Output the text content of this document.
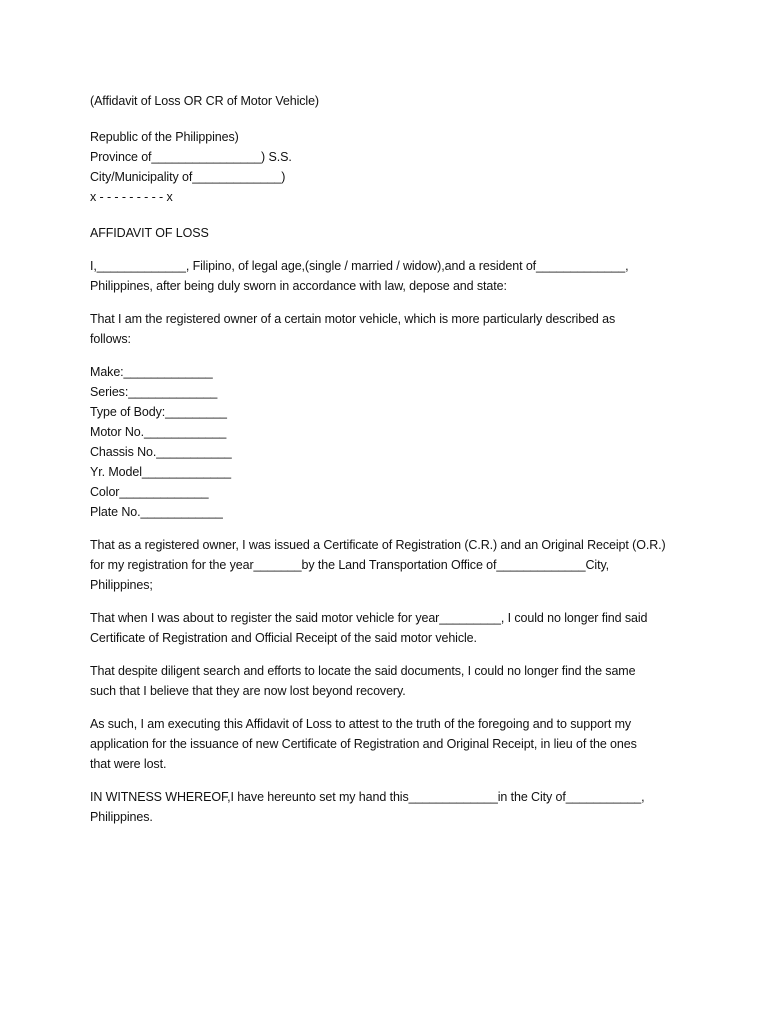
(Affidavit of Loss OR CR of Motor Vehicle)
Republic of the Philippines)
Province of________________) S.S.
City/Municipality of_____________)
x - - - - - - - - - x
AFFIDAVIT OF LOSS
I,_____________, Filipino, of legal age,(single / married / widow),and a resident of_____________,
Philippines, after being duly sworn in accordance with law, depose and state:
That I am the registered owner of a certain motor vehicle, which is more particularly described as
follows:
Make:_____________
Series:_____________
Type of Body:_________
Motor No.____________
Chassis No.___________
Yr. Model_____________
Color_____________
Plate No.____________
That as a registered owner, I was issued a Certificate of Registration (C.R.) and an Original Receipt (O.R.)
for my registration for the year_______by the Land Transportation Office of_____________City,
Philippines;
That when I was about to register the said motor vehicle for year_________, I could no longer find said
Certificate of Registration and Official Receipt of the said motor vehicle.
That despite diligent search and efforts to locate the said documents, I could no longer find the same
such that I believe that they are now lost beyond recovery.
As such, I am executing this Affidavit of Loss to attest to the truth of the foregoing and to support my
application for the issuance of new Certificate of Registration and Original Receipt, in lieu of the ones
that were lost.
IN WITNESS WHEREOF,I have hereunto set my hand this_____________in the City of___________,
Philippines.
